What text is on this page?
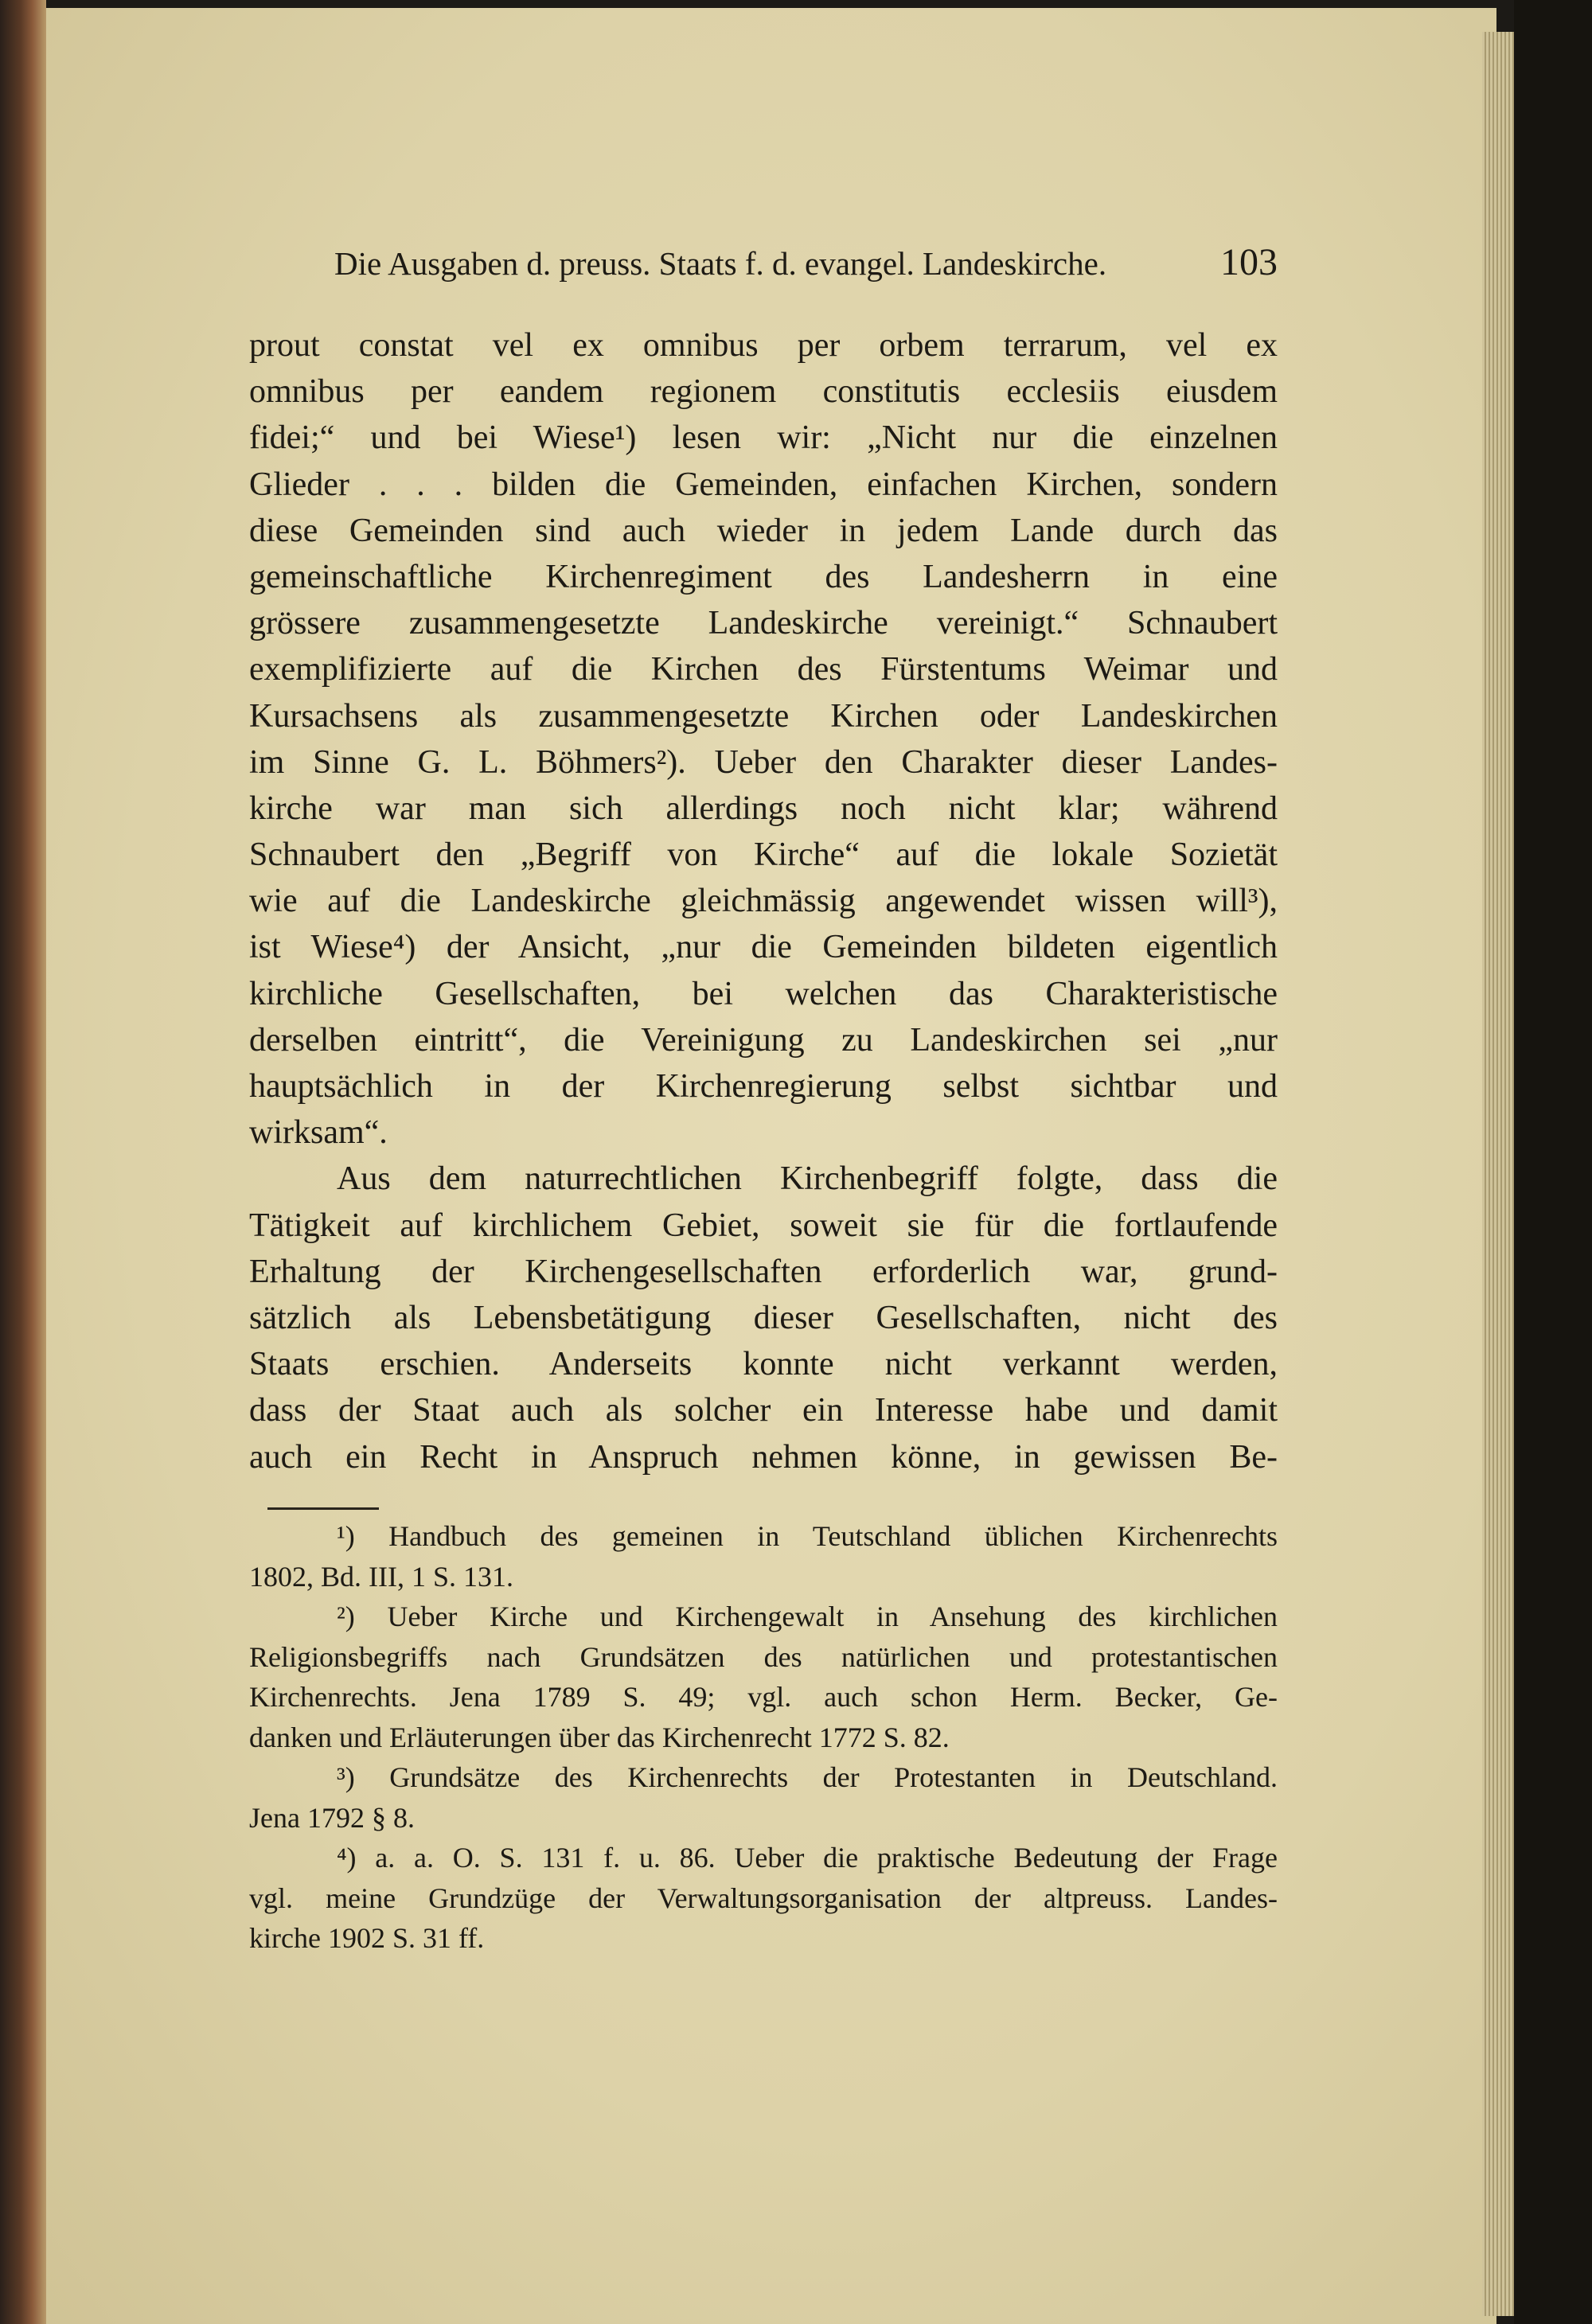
Die Ausgaben d. preuss. Staats f. d. evangel. Landeskirche.	103
prout constat vel ex omnibus per orbem terrarum, vel ex
omnibus per eandem regionem constitutis ecclesiis eiusdem
fidei;“ und bei Wiese¹) lesen wir: „Nicht nur die einzelnen
Glieder . . . bilden die Gemeinden, einfachen Kirchen, sondern
diese Gemeinden sind auch wieder in jedem Lande durch das
gemeinschaftliche Kirchenregiment des Landesherrn in eine
grössere zusammengesetzte Landeskirche vereinigt.“ Schnaubert
exemplifizierte auf die Kirchen des Fürstentums Weimar und
Kursachsens als zusammengesetzte Kirchen oder Landeskirchen
im Sinne G. L. Böhmers²). Ueber den Charakter dieser Landes-
kirche war man sich allerdings noch nicht klar; während
Schnaubert den „Begriff von Kirche“ auf die lokale Sozietät
wie auf die Landeskirche gleichmässig angewendet wissen will³),
ist Wiese⁴) der Ansicht, „nur die Gemeinden bildeten eigentlich
kirchliche Gesellschaften, bei welchen das Charakteristische
derselben eintritt“, die Vereinigung zu Landeskirchen sei „nur
hauptsächlich in der Kirchenregierung selbst sichtbar und
wirksam“.
Aus dem naturrechtlichen Kirchenbegriff folgte, dass die
Tätigkeit auf kirchlichem Gebiet, soweit sie für die fortlaufende
Erhaltung der Kirchengesellschaften erforderlich war, grund-
sätzlich als Lebensbetätigung dieser Gesellschaften, nicht des
Staats erschien. Anderseits konnte nicht verkannt werden,
dass der Staat auch als solcher ein Interesse habe und damit
auch ein Recht in Anspruch nehmen könne, in gewissen Be-
¹) Handbuch des gemeinen in Teutschland üblichen Kirchenrechts
1802, Bd. III, 1 S. 131.
²) Ueber Kirche und Kirchengewalt in Ansehung des kirchlichen
Religionsbegriffs nach Grundsätzen des natürlichen und protestantischen
Kirchenrechts. Jena 1789 S. 49; vgl. auch schon Herm. Becker, Ge-
danken und Erläuterungen über das Kirchenrecht 1772 S. 82.
³) Grundsätze des Kirchenrechts der Protestanten in Deutschland.
Jena 1792 § 8.
⁴) a. a. O. S. 131 f. u. 86. Ueber die praktische Bedeutung der Frage
vgl. meine Grundzüge der Verwaltungsorganisation der altpreuss. Landes-
kirche 1902 S. 31 ff.
